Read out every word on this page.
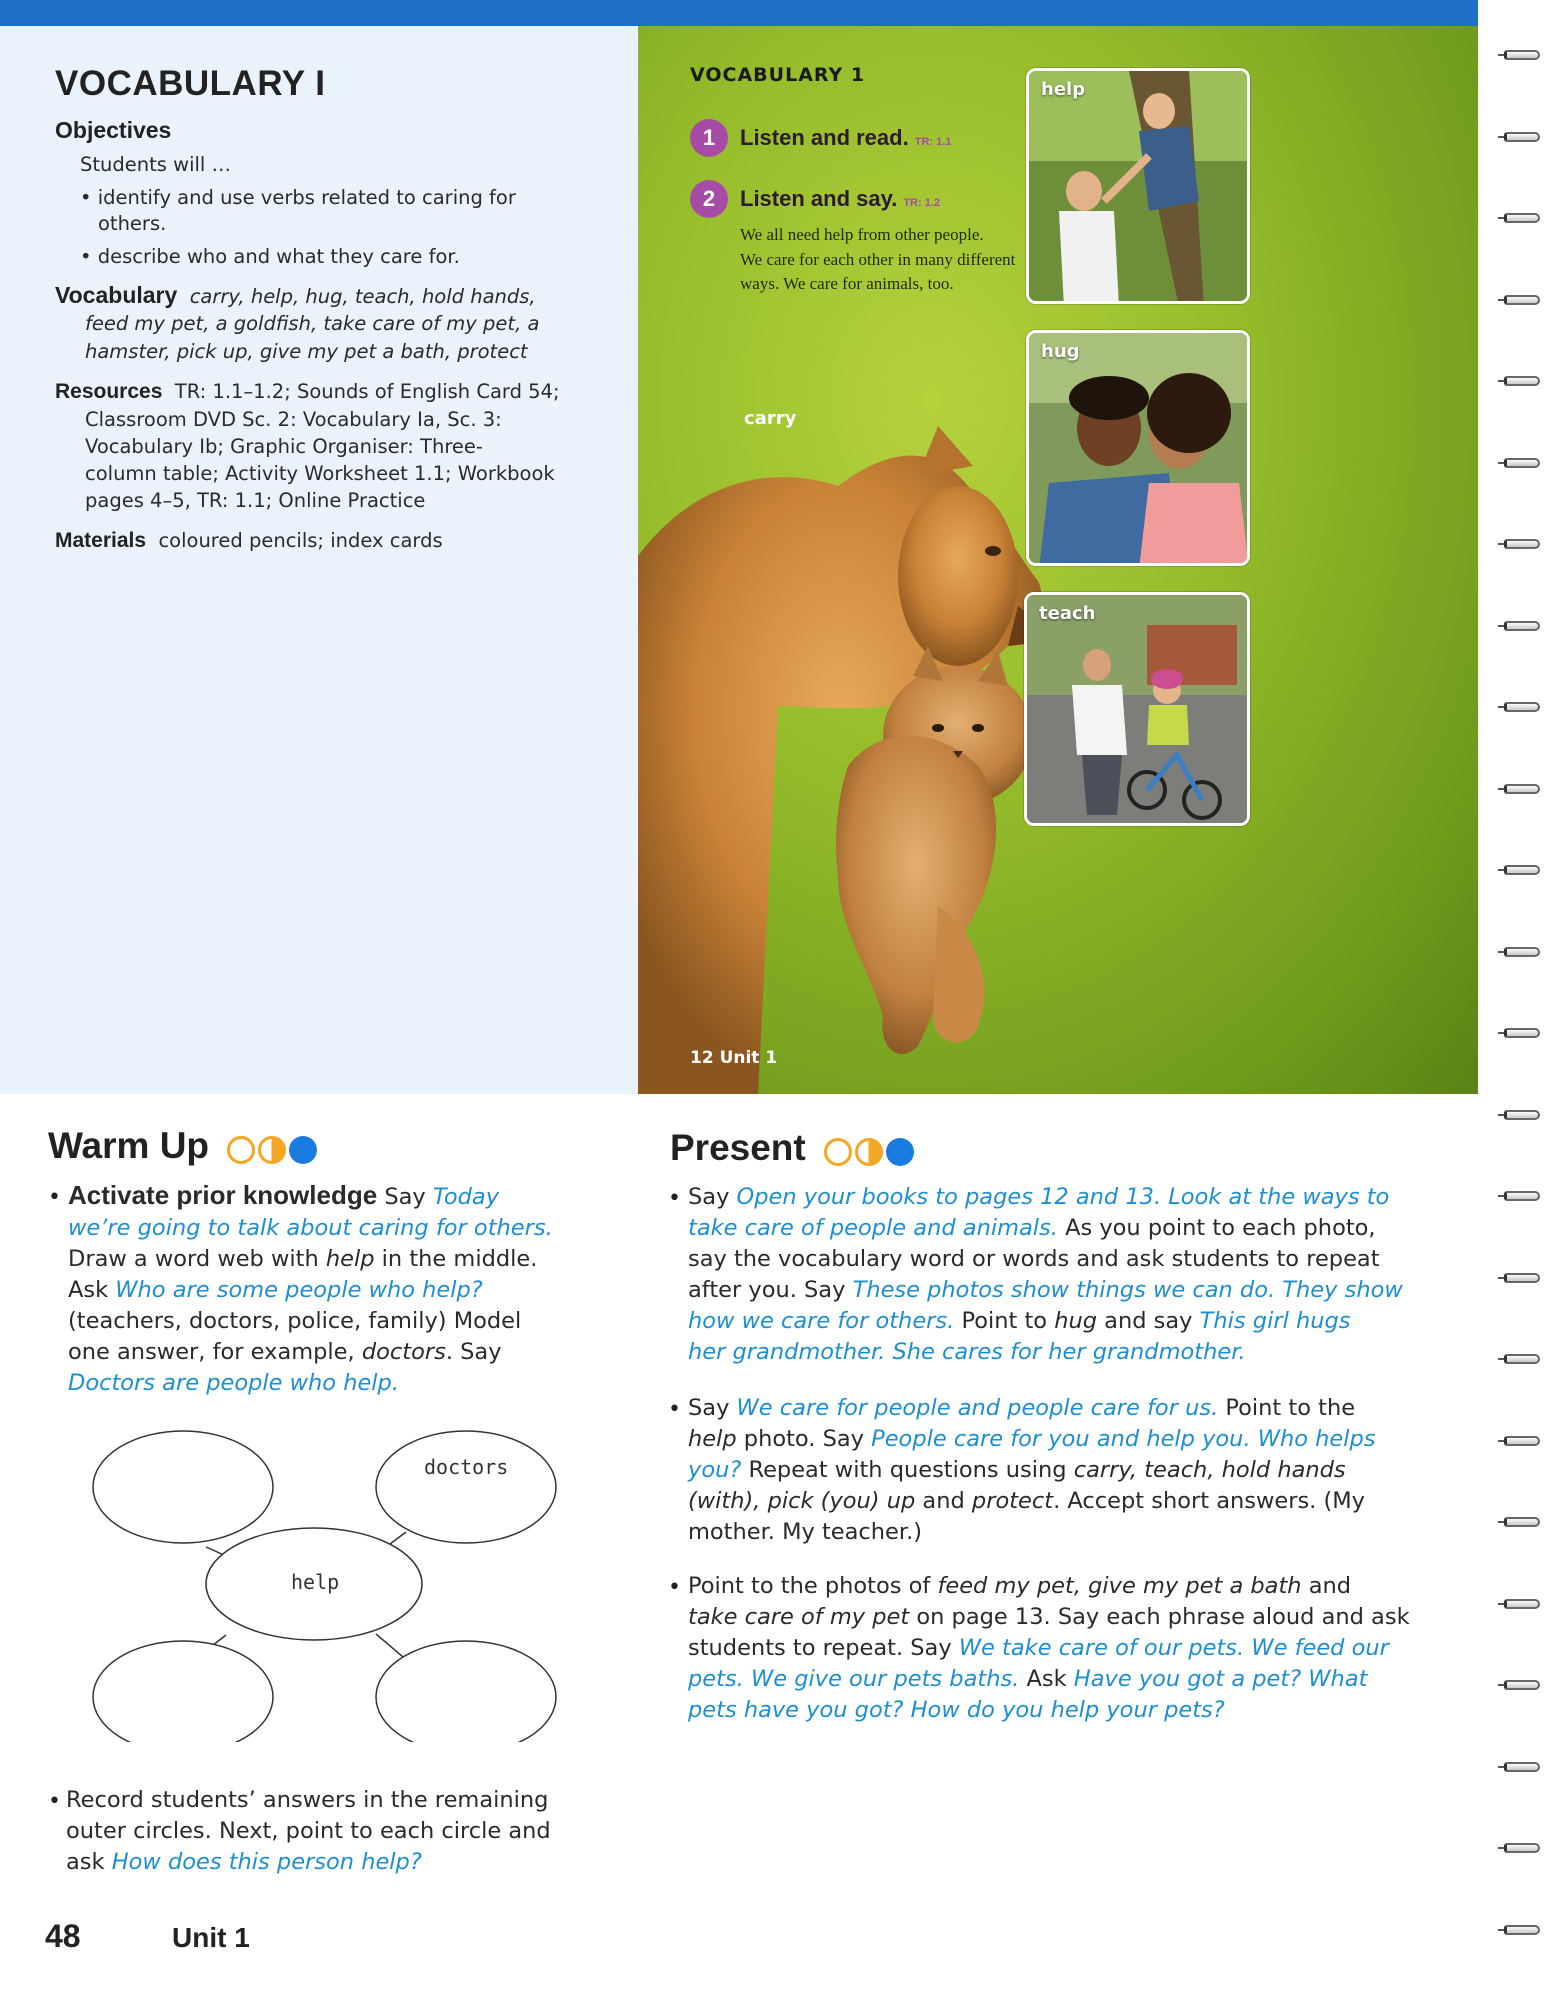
VOCABULARY I
Objectives
Students will …
• identify and use verbs related to caring for
others.
• describe who and what they care for.
Vocabulary carry, help, hug, teach, hold hands,
feed my pet, a goldfish, take care of my pet, a
hamster, pick up, give my pet a bath, protect
Resources TR: 1.1–1.2; Sounds of English Card 54;
Classroom DVD Sc. 2: Vocabulary Ia, Sc. 3:
Vocabulary Ib; Graphic Organiser: Three-
column table; Activity Worksheet 1.1; Workbook
pages 4–5, TR: 1.1; Online Practice
Materials coloured pencils; index cards
VOCABULARY 1
1	Listen and read. TR: 1.1
2	Listen and say. TR: 1.2
We all need help from other people.
We care for each other in many different
ways. We care for animals, too.
carry
help
hug
teach
12 Unit 1
Warm Up
• Activate prior knowledge Say Today
we’re going to talk about caring for others.
Draw a word web with help in the middle.
Ask Who are some people who help?
(teachers, doctors, police, family) Model
one answer, for example, doctors. Say
Doctors are people who help.
doctors
help
• Record students’ answers in the remaining
outer circles. Next, point to each circle and
ask How does this person help?
Present
• Say Open your books to pages 12 and 13. Look at the ways to
take care of people and animals. As you point to each photo,
say the vocabulary word or words and ask students to repeat
after you. Say These photos show things we can do. They show
how we care for others. Point to hug and say This girl hugs
her grandmother. She cares for her grandmother.
• Say We care for people and people care for us. Point to the
help photo. Say People care for you and help you. Who helps
you? Repeat with questions using carry, teach, hold hands
(with), pick (you) up and protect. Accept short answers. (My
mother. My teacher.)
• Point to the photos of feed my pet, give my pet a bath and
take care of my pet on page 13. Say each phrase aloud and ask
students to repeat. Say We take care of our pets. We feed our
pets. We give our pets baths. Ask Have you got a pet? What
pets have you got? How do you help your pets?
48	Unit 1
